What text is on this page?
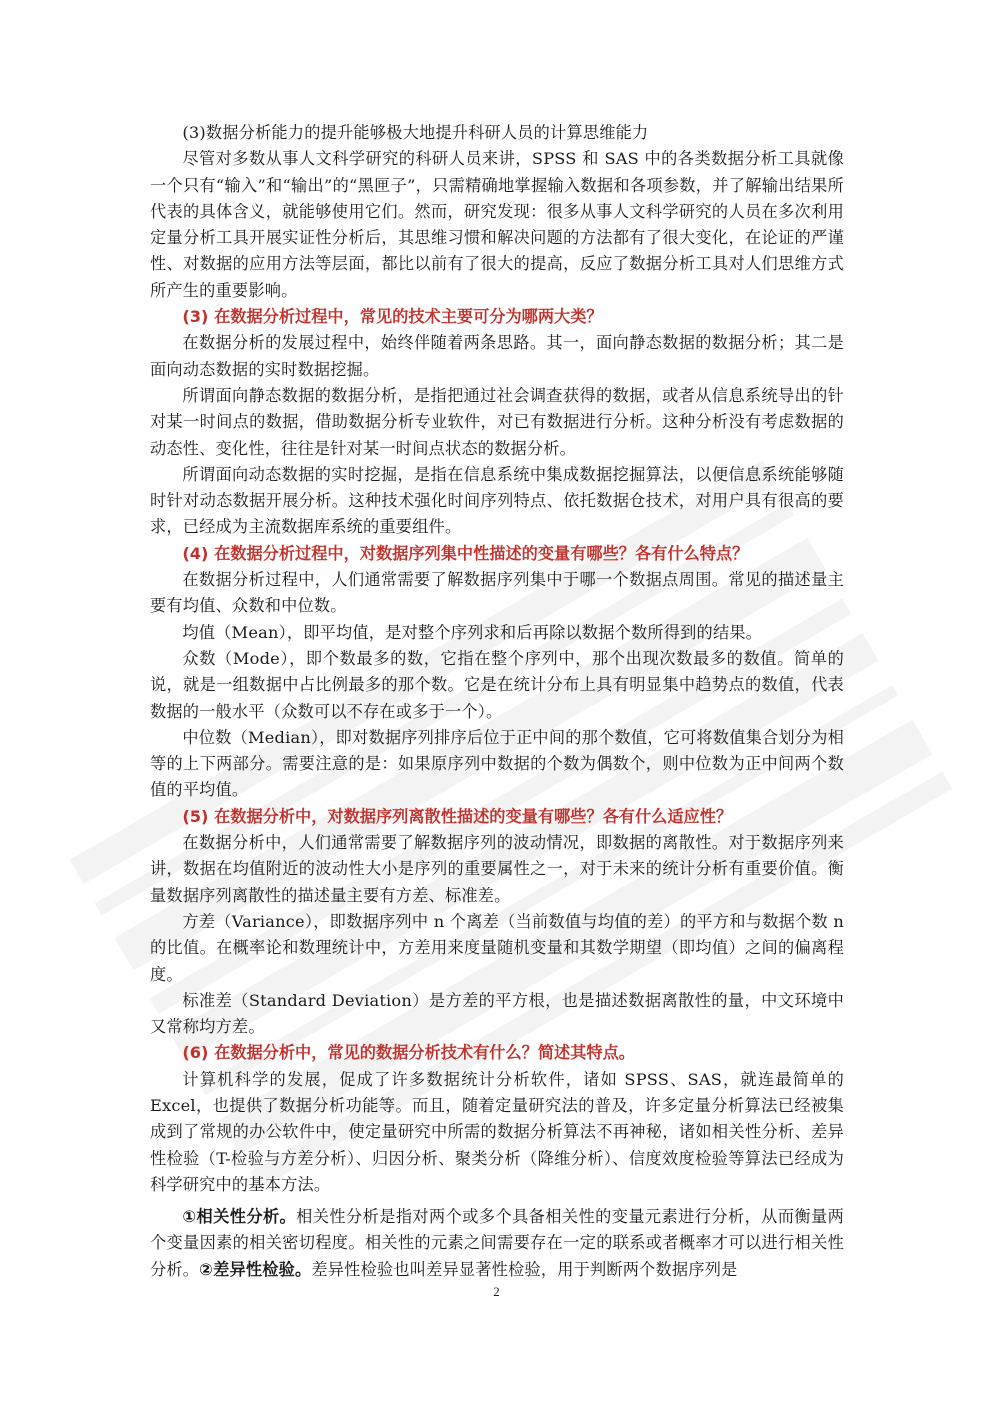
(3)数据分析能力的提升能够极大地提升科研人员的计算思维能力

尽管对多数从事人文科学研究的科研人员来讲，SPSS 和 SAS 中的各类数据分析工具就像一个只有“输入”和“输出”的“黑匣子”，只需精确地掌握输入数据和各项参数，并了解输出结果所代表的具体含义，就能够使用它们。然而，研究发现：很多从事人文科学研究的人员在多次利用定量分析工具开展实证性分析后，其思维习惯和解决问题的方法都有了很大变化，在论证的严谨性、对数据的应用方法等层面，都比以前有了很大的提高，反应了数据分析工具对人们思维方式所产生的重要影响。

(3) 在数据分析过程中，常见的技术主要可分为哪两大类？

在数据分析的发展过程中，始终伴随着两条思路。其一，面向静态数据的数据分析；其二是面向动态数据的实时数据挖掘。

所谓面向静态数据的数据分析，是指把通过社会调查获得的数据，或者从信息系统导出的针对某一时间点的数据，借助数据分析专业软件，对已有数据进行分析。这种分析没有考虑数据的动态性、变化性，往往是针对某一时间点状态的数据分析。

所谓面向动态数据的实时挖掘，是指在信息系统中集成数据挖掘算法，以便信息系统能够随时针对动态数据开展分析。这种技术强化时间序列特点、依托数据仓技术，对用户具有很高的要求，已经成为主流数据库系统的重要组件。

(4) 在数据分析过程中，对数据序列集中性描述的变量有哪些？各有什么特点？

在数据分析过程中，人们通常需要了解数据序列集中于哪一个数据点周围。常见的描述量主要有均值、众数和中位数。

均值（Mean），即平均值，是对整个序列求和后再除以数据个数所得到的结果。

众数（Mode），即个数最多的数，它指在整个序列中，那个出现次数最多的数值。简单的说，就是一组数据中占比例最多的那个数。它是在统计分布上具有明显集中趋势点的数值，代表数据的一般水平（众数可以不存在或多于一个）。

中位数（Median），即对数据序列排序后位于正中间的那个数值，它可将数值集合划分为相等的上下两部分。需要注意的是：如果原序列中数据的个数为偶数个，则中位数为正中间两个数值的平均值。

(5) 在数据分析中，对数据序列离散性描述的变量有哪些？各有什么适应性？

在数据分析中，人们通常需要了解数据序列的波动情况，即数据的离散性。对于数据序列来讲，数据在均值附近的波动性大小是序列的重要属性之一，对于未来的统计分析有重要价值。衡量数据序列离散性的描述量主要有方差、标准差。

方差（Variance），即数据序列中 n 个离差（当前数值与均值的差）的平方和与数据个数 n 的比值。在概率论和数理统计中，方差用来度量随机变量和其数学期望（即均值）之间的偏离程度。

标准差（Standard Deviation）是方差的平方根，也是描述数据离散性的量，中文环境中又常称均方差。

(6) 在数据分析中，常见的数据分析技术有什么？简述其特点。

计算机科学的发展，促成了许多数据统计分析软件，诸如 SPSS、SAS，就连最简单的 Excel，也提供了数据分析功能等。而且，随着定量研究法的普及，许多定量分析算法已经被集成到了常规的办公软件中，使定量研究中所需的数据分析算法不再神秘，诸如相关性分析、差异性检验（T-检验与方差分析）、归因分析、聚类分析（降维分析）、信度效度检验等算法已经成为科学研究中的基本方法。

①相关性分析。相关性分析是指对两个或多个具备相关性的变量元素进行分析，从而衡量两个变量因素的相关密切程度。相关性的元素之间需要存在一定的联系或者概率才可以进行相关性分析。②差异性检验。差异性检验也叫差异显著性检验，用于判断两个数据序列是

2
